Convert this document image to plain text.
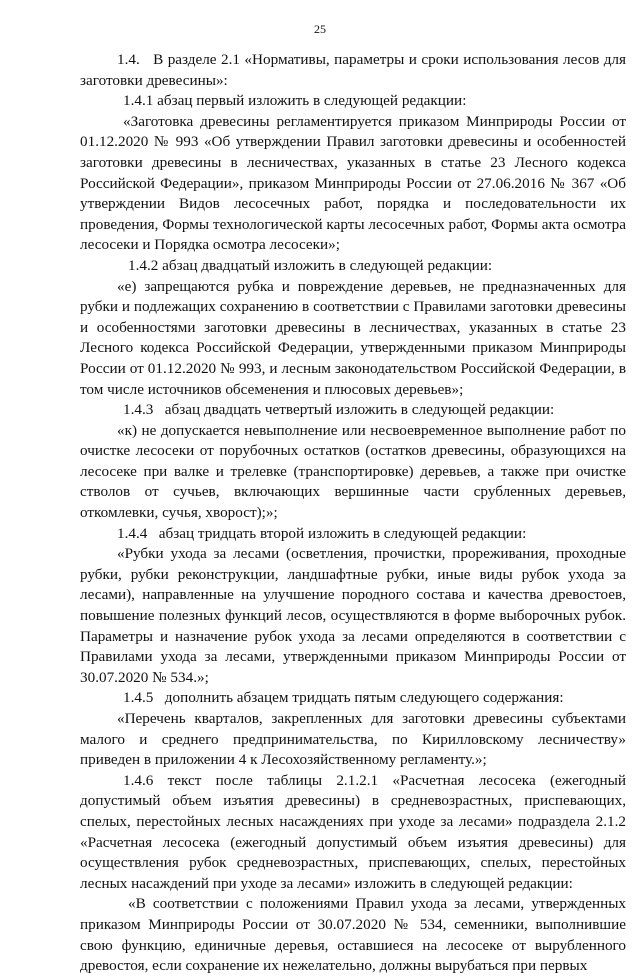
25

1.4.   В разделе 2.1 «Нормативы, параметры и сроки использования лесов для заготовки древесины»:

1.4.1 абзац первый изложить в следующей редакции:

«Заготовка древесины регламентируется приказом Минприроды России от 01.12.2020 № 993 «Об утверждении Правил заготовки древесины и особенностей заготовки древесины в лесничествах, указанных в статье 23 Лесного кодекса Российской Федерации», приказом Минприроды России от 27.06.2016 № 367 «Об утверждении Видов лесосечных работ, порядка и последовательности их проведения, Формы технологической карты лесосечных работ, Формы акта осмотра лесосеки и Порядка осмотра лесосеки»;

1.4.2 абзац двадцатый изложить в следующей редакции:

«е) запрещаются рубка и повреждение деревьев, не предназначенных для рубки и подлежащих сохранению в соответствии с Правилами заготовки древесины и особенностями заготовки древесины в лесничествах, указанных в статье 23 Лесного кодекса Российской Федерации, утвержденными приказом Минприроды России от 01.12.2020 № 993, и лесным законодательством Российской Федерации, в том числе источников обсеменения и плюсовых деревьев»;

1.4.3   абзац двадцать четвертый изложить в следующей редакции:

«к) не допускается невыполнение или несвоевременное выполнение работ по очистке лесосеки от порубочных остатков (остатков древесины, образующихся на лесосеке при валке и трелевке (транспортировке) деревьев, а также при очистке стволов от сучьев, включающих вершинные части срубленных деревьев, откомлевки, сучья, хворост);»;

1.4.4   абзац тридцать второй изложить в следующей редакции:

«Рубки ухода за лесами (осветления, прочистки, прореживания, проходные рубки, рубки реконструкции, ландшафтные рубки, иные виды рубок ухода за лесами), направленные на улучшение породного состава и качества древостоев, повышение полезных функций лесов, осуществляются в форме выборочных рубок. Параметры и назначение рубок ухода за лесами определяются в соответствии с Правилами ухода за лесами, утвержденными приказом Минприроды России от 30.07.2020 № 534.»;

1.4.5   дополнить абзацем тридцать пятым следующего содержания:

«Перечень кварталов, закрепленных для заготовки древесины субъектами малого и среднего предпринимательства, по Кирилловскому лесничеству» приведен в приложении 4 к Лесохозяйственному регламенту.»;

1.4.6 текст после таблицы 2.1.2.1 «Расчетная лесосека (ежегодный допустимый объем изъятия древесины) в средневозрастных, приспевающих, спелых, перестойных лесных насаждениях при уходе за лесами» подраздела 2.1.2 «Расчетная лесосека (ежегодный допустимый объем изъятия древесины) для осуществления рубок средневозрастных, приспевающих, спелых, перестойных лесных насаждений при уходе за лесами» изложить в следующей редакции:

«В соответствии с положениями Правил ухода за лесами, утвержденных приказом Минприроды России от 30.07.2020 № 534, семенники, выполнившие свою функцию, единичные деревья, оставшиеся на лесосеке от вырубленного древостоя, если сохранение их нежелательно, должны вырубаться при первых
